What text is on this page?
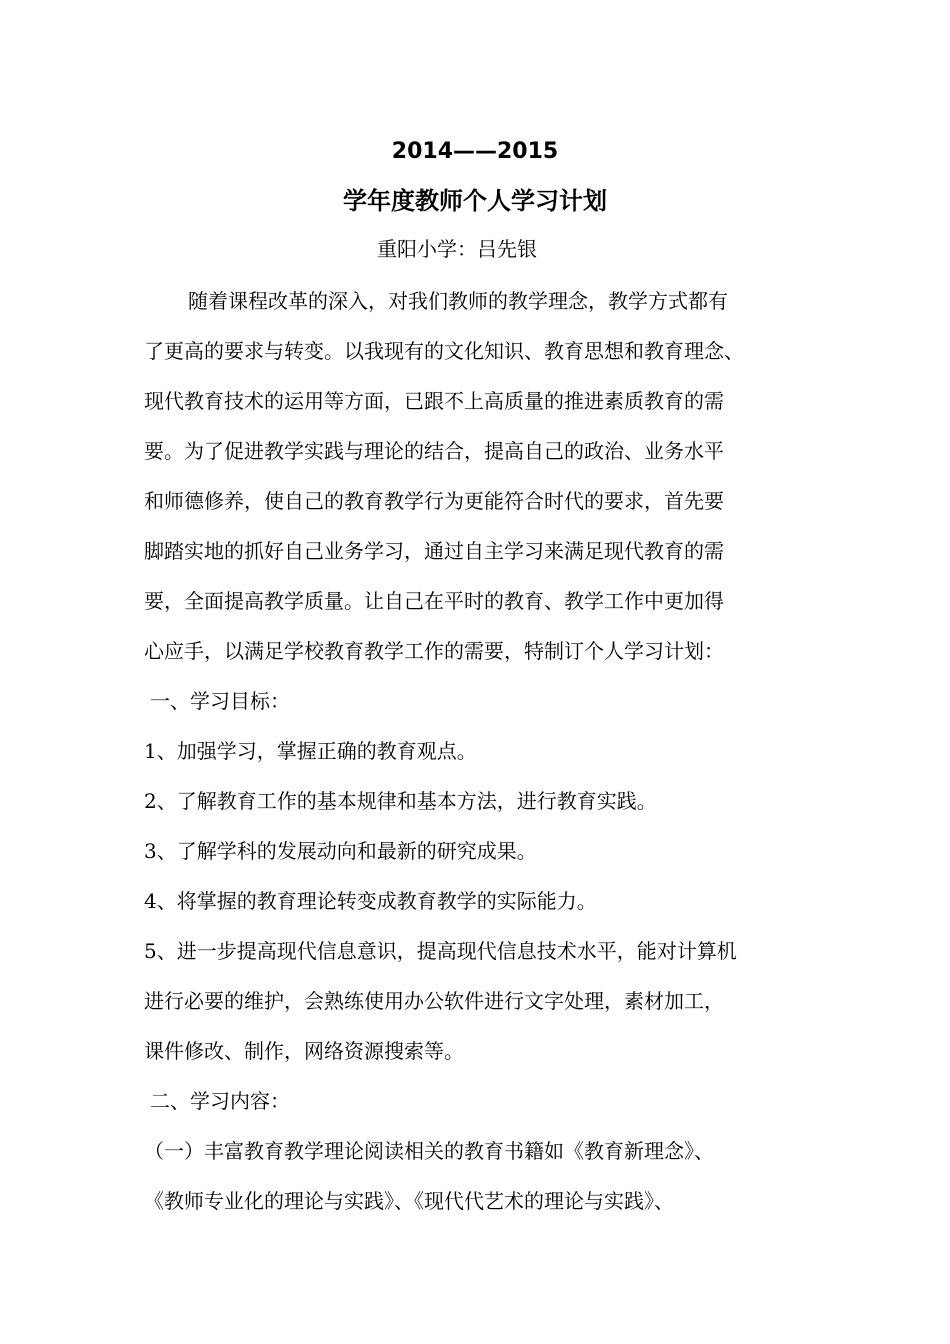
2014——2015
学年度教师个人学习计划
重阳小学：吕先银
随着课程改革的深入，对我们教师的教学理念，教学方式都有
了更高的要求与转变。以我现有的文化知识、教育思想和教育理念、
现代教育技术的运用等方面，已跟不上高质量的推进素质教育的需
要。为了促进教学实践与理论的结合，提高自己的政治、业务水平
和师德修养，使自己的教育教学行为更能符合时代的要求，首先要
脚踏实地的抓好自己业务学习，通过自主学习来满足现代教育的需
要，全面提高教学质量。让自己在平时的教育、教学工作中更加得
心应手，以满足学校教育教学工作的需要，特制订个人学习计划：
一、学习目标：
1、加强学习，掌握正确的教育观点。
2、了解教育工作的基本规律和基本方法，进行教育实践。
3、了解学科的发展动向和最新的研究成果。
4、将掌握的教育理论转变成教育教学的实际能力。
5、进一步提高现代信息意识，提高现代信息技术水平，能对计算机
进行必要的维护，会熟练使用办公软件进行文字处理，素材加工，
课件修改、制作，网络资源搜索等。
二、学习内容：
（一）丰富教育教学理论阅读相关的教育书籍如《教育新理念》、
《教师专业化的理论与实践》、《现代代艺术的理论与实践》、
